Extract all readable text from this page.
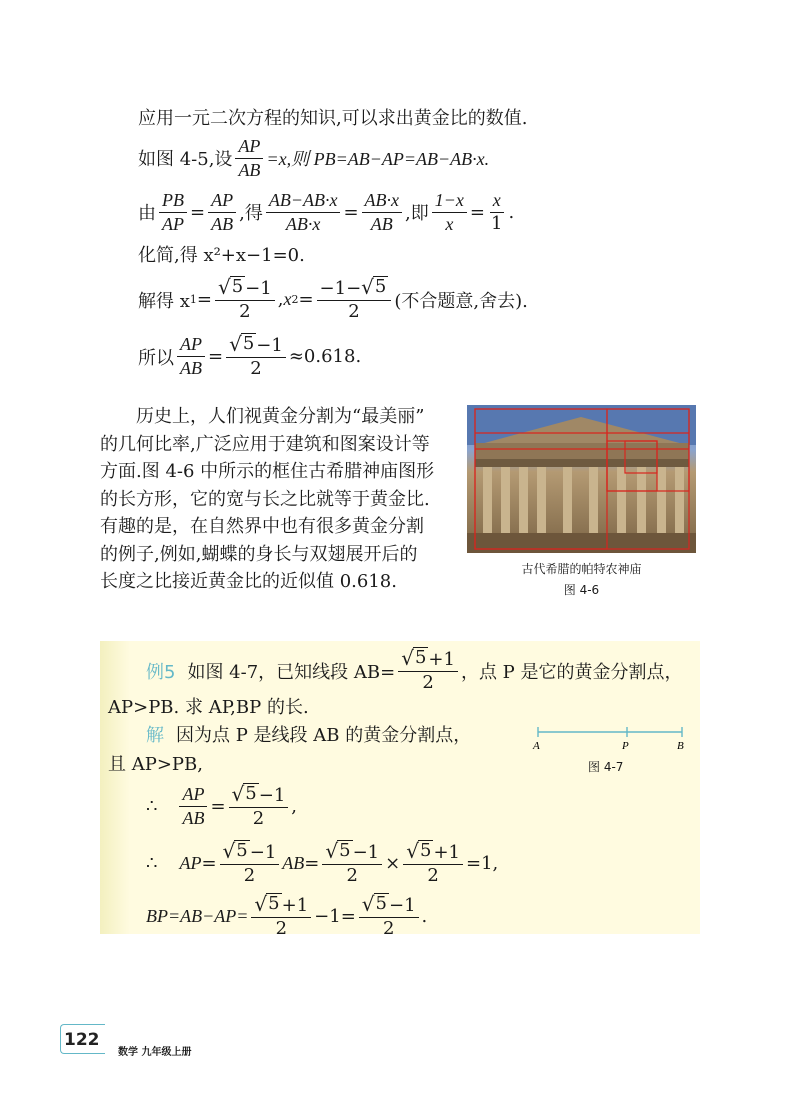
应用一元二次方程的知识,可以求出黄金比的数值.
如图 4-5,设 $\frac{AP}{AB} =x$,则 PB=AB−AP=AB−AB·x.
由 $\frac{PB}{AP} = \frac{AP}{AB}$ ,得 $\frac{AB-AB\cdot x}{AB\cdot x} = \frac{AB\cdot x}{AB}$ ,即 $\frac{1-x}{x} = \frac{x}{1}$ .
化简,得 x²+x−1=0.
解得 x $1 = \frac{√ 5 -1}{2}$ , x $2 = \frac{-1- √ 5}{2}$ (不合题意,舍去).
所以 $\frac{AP}{AB} = \frac{√ 5 -1}{2} \approx 0.618$.
历史上，人们视黄金分割为“最美丽”
的几何比率,广泛应用于建筑和图案设计等
方面.图 4-6 中所示的框住古希腊神庙图形
的长方形，它的宽与长之比就等于黄金比.
有趣的是，在自然界中也有很多黄金分割
的例子,例如,蝴蝶的身长与双翅展开后的
长度之比接近黄金比的近似值 0.618.
古代希腊的帕特农神庙
图 4-6
例5 如图 4-7，已知线段 $AB= \frac{√ 5 +1}{2}$ ，点 P 是它的黄金分割点，
AP>PB. 求 AP,BP 的长.
解 因为点 P 是线段 AB 的黄金分割点，
且 AP>PB,
A	P	B
图 4-7
∴ $\frac{AP}{AB} = \frac{√ 5 -1}{2}$ ,
∴ AP = $\frac{√ 5 -1}{2}$ AB = $\frac{√ 5 -1}{2} \times \frac{√ 5 +1}{2} =1$,
$BP=AB-AP= \frac{√ 5 +1}{2} -1= \frac{√ 5 -1}{2}$ .
122
数学 九年级上册
